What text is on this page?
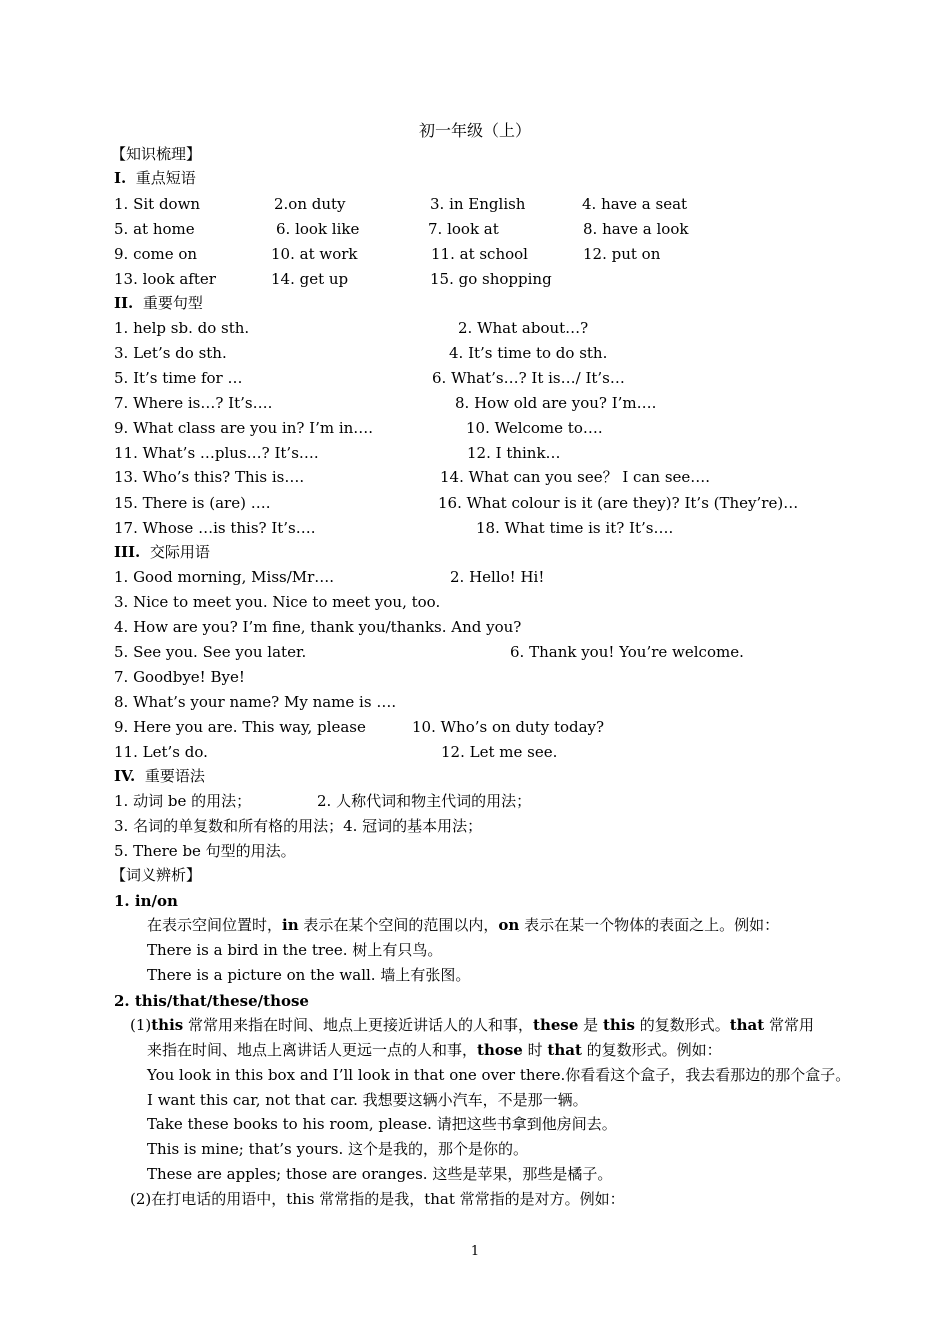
初一年级（上）
【知识梳理】
I. 重点短语
1. Sit down	2.on duty	3. in English	4. have a seat
5. at home	6. look like	7. look at	8. have a look
9. come on	10. at work	11. at school	12. put on
13. look after	14. get up	15. go shopping
II. 重要句型
1. help sb. do sth.	2. What about…?
3. Let’s do sth.	4. It’s time to do sth.
5. It’s time for …	6. What’s…? It is…/ It’s…
7. Where is…? It’s….	8. How old are you? I’m….
9. What class are you in? I’m in….	10. Welcome to….
11. What’s …plus…? It’s….	12. I think…
13. Who’s this? This is….	14. What can you see？ I can see….
15. There is (are) ….	16. What colour is it (are they)? It’s (They’re)…
17. Whose …is this? It’s….	18. What time is it? It’s….
III. 交际用语
1. Good morning, Miss/Mr….	2. Hello! Hi!
3. Nice to meet you. Nice to meet you, too.
4. How are you? I’m fine, thank you/thanks. And you?
5. See you. See you later.	6. Thank you! You’re welcome.
7. Goodbye! Bye!
8. What’s your name? My name is ….
9. Here you are. This way, please	10. Who’s on duty today?
11. Let’s do.	12. Let me see.
IV. 重要语法
1. 动词 be 的用法；	2. 人称代词和物主代词的用法；
3. 名词的单复数和所有格的用法；4. 冠词的基本用法；
5. There be 句型的用法。
【词义辨析】
1. in/on
在表示空间位置时，in 表示在某个空间的范围以内，on 表示在某一个物体的表面之上。例如：
There is a bird in the tree. 树上有只鸟。
There is a picture on the wall. 墙上有张图。
2. this/that/these/those
(1)this 常常用来指在时间、地点上更接近讲话人的人和事，these 是 this 的复数形式。that 常常用
来指在时间、地点上离讲话人更远一点的人和事，those 时 that 的复数形式。例如：
You look in this box and I’ll look in that one over there.你看看这个盒子，我去看那边的那个盒子。
I want this car, not that car. 我想要这辆小汽车，不是那一辆。
Take these books to his room, please. 请把这些书拿到他房间去。
This is mine; that’s yours. 这个是我的，那个是你的。
These are apples; those are oranges. 这些是苹果，那些是橘子。
(2)在打电话的用语中，this 常常指的是我，that 常常指的是对方。例如：
1
